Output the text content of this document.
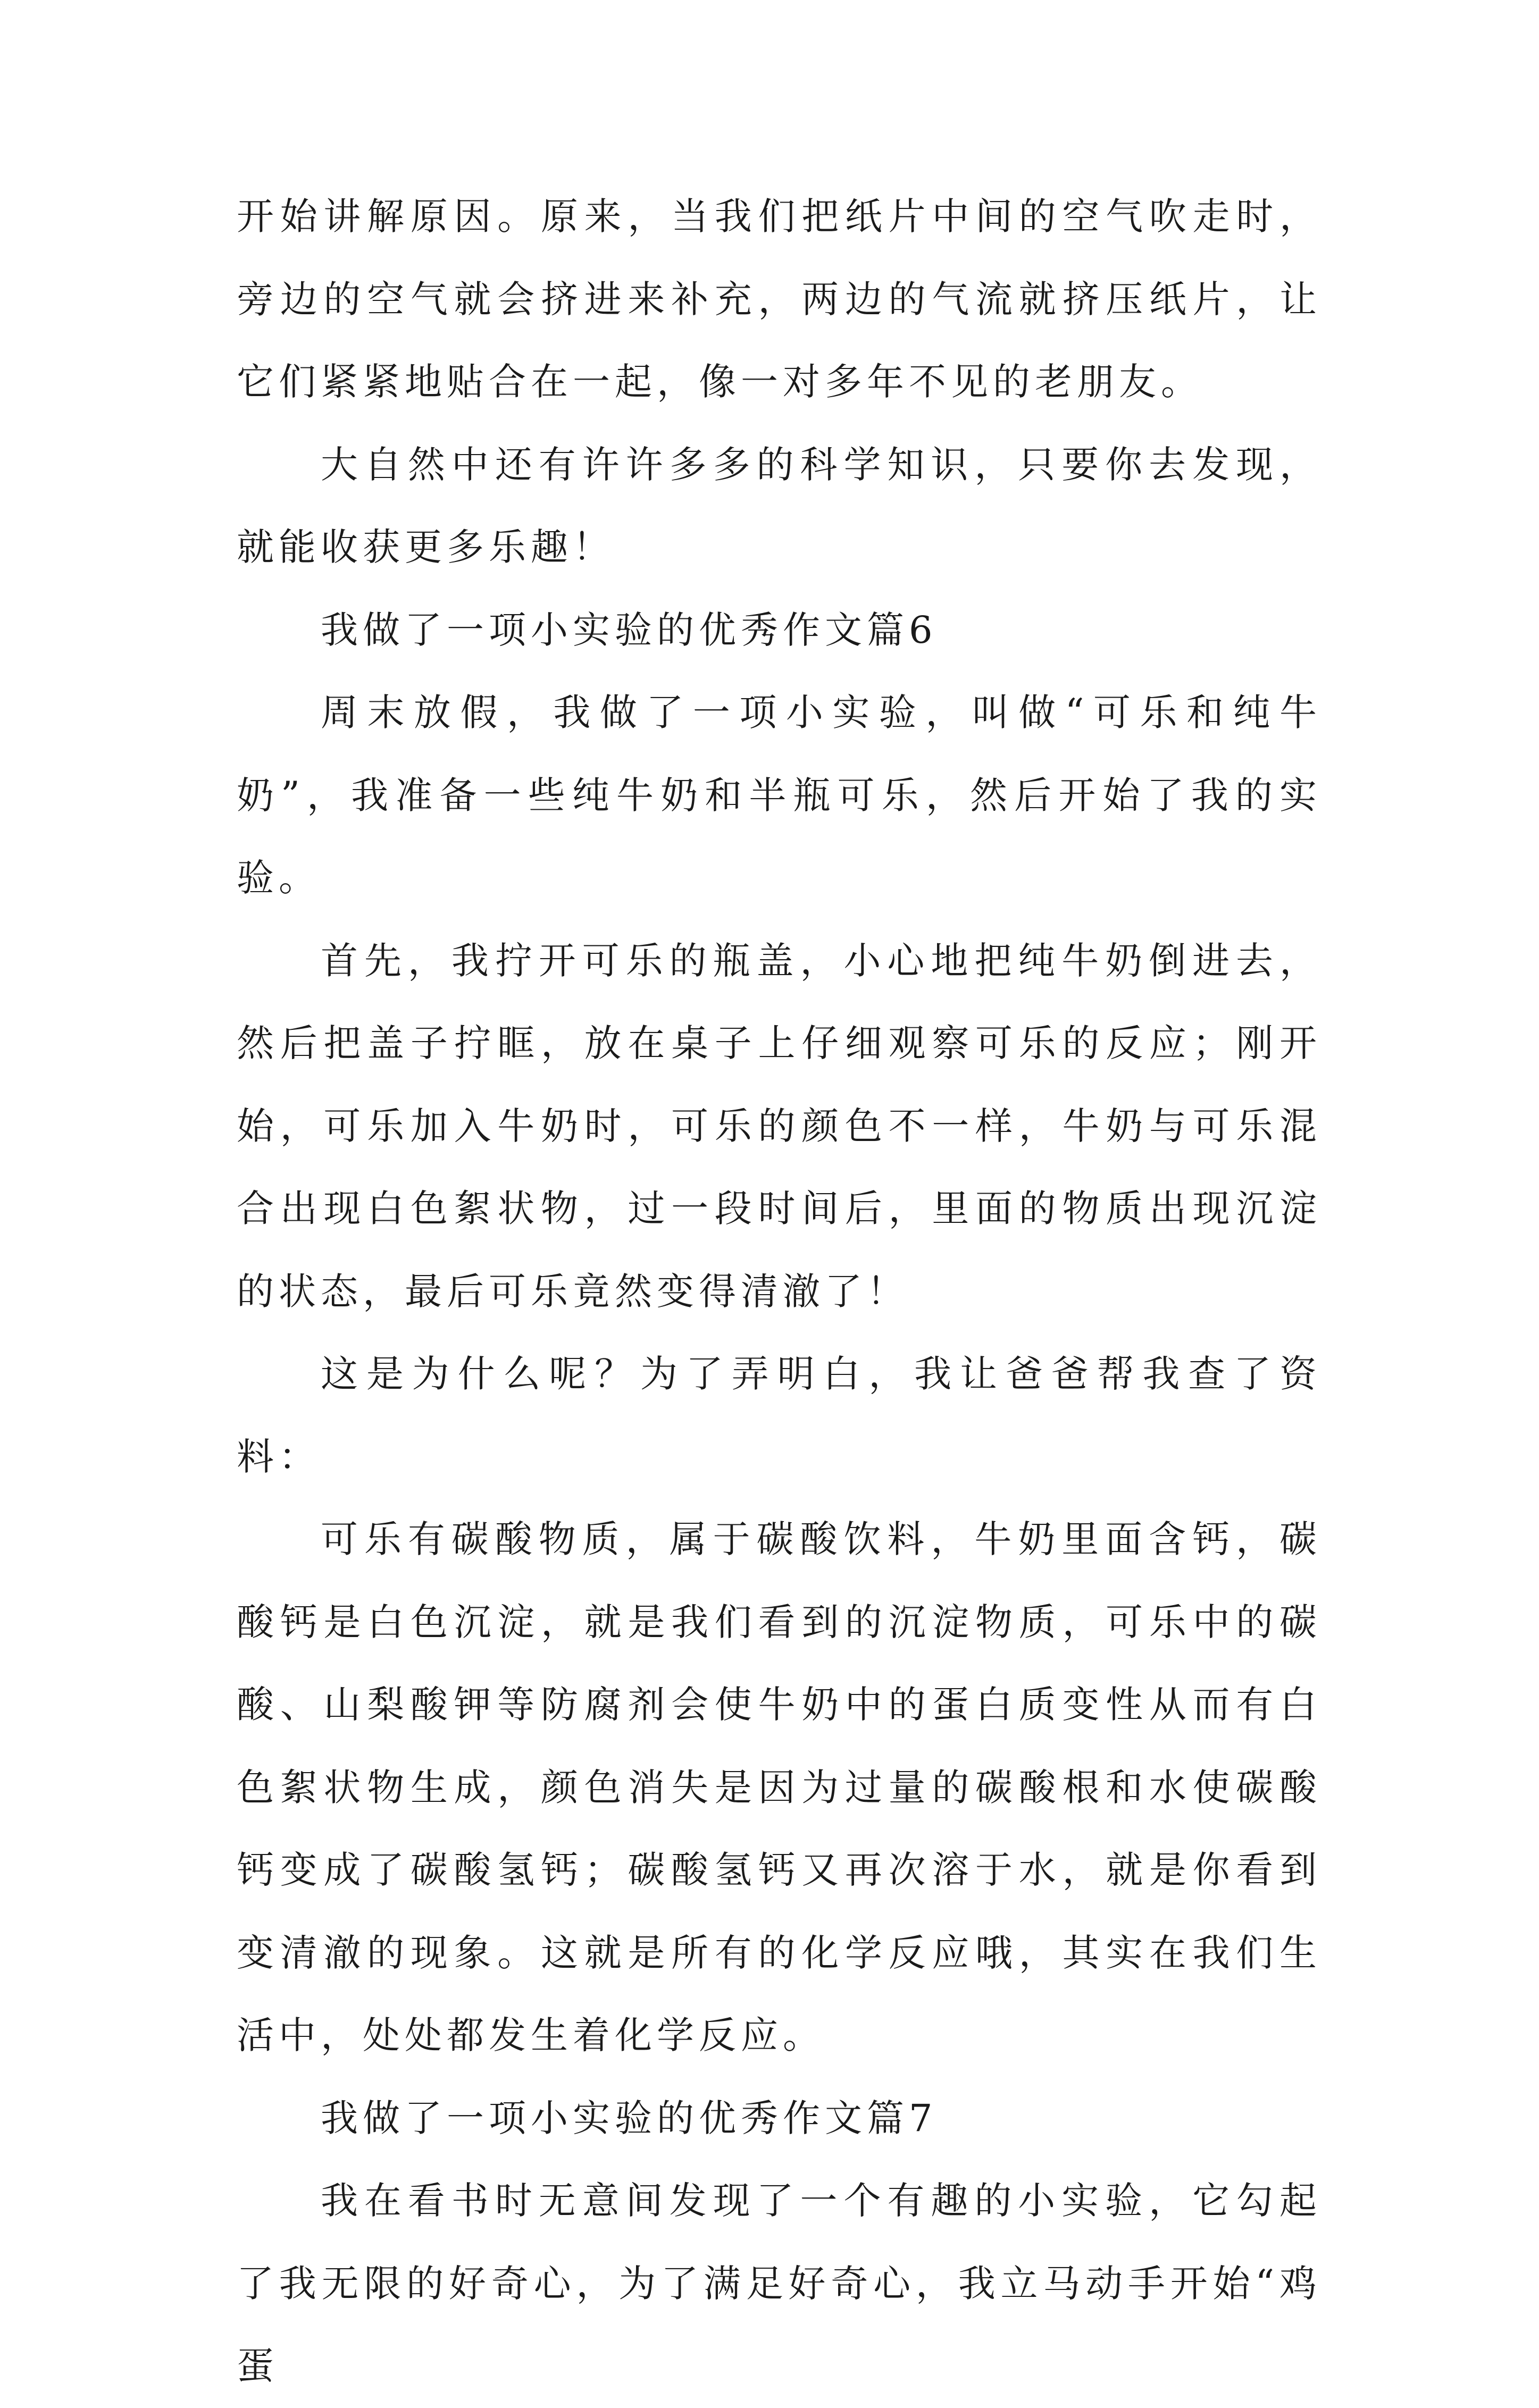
开始讲解原因。原来，当我们把纸片中间的空气吹走时，旁边的空气就会挤进来补充，两边的气流就挤压纸片，让它们紧紧地贴合在一起，像一对多年不见的老朋友。

大自然中还有许许多多的科学知识，只要你去发现，就能收获更多乐趣！

我做了一项小实验的优秀作文篇6

周末放假，我做了一项小实验，叫做“可乐和纯牛奶”，我准备一些纯牛奶和半瓶可乐，然后开始了我的实验。

首先，我拧开可乐的瓶盖，小心地把纯牛奶倒进去，然后把盖子拧眶，放在桌子上仔细观察可乐的反应；刚开始，可乐加入牛奶时，可乐的颜色不一样，牛奶与可乐混合出现白色絮状物，过一段时间后，里面的物质出现沉淀的状态，最后可乐竟然变得清澈了！

这是为什么呢？为了弄明白，我让爸爸帮我查了资料：

可乐有碳酸物质，属于碳酸饮料，牛奶里面含钙，碳酸钙是白色沉淀，就是我们看到的沉淀物质，可乐中的碳酸、山梨酸钾等防腐剂会使牛奶中的蛋白质变性从而有白色絮状物生成，颜色消失是因为过量的碳酸根和水使碳酸钙变成了碳酸氢钙；碳酸氢钙又再次溶于水，就是你看到变清澈的现象。这就是所有的化学反应哦，其实在我们生活中，处处都发生着化学反应。

我做了一项小实验的优秀作文篇7

我在看书时无意间发现了一个有趣的小实验，它勾起了我无限的好奇心，为了满足好奇心，我立马动手开始“鸡蛋
